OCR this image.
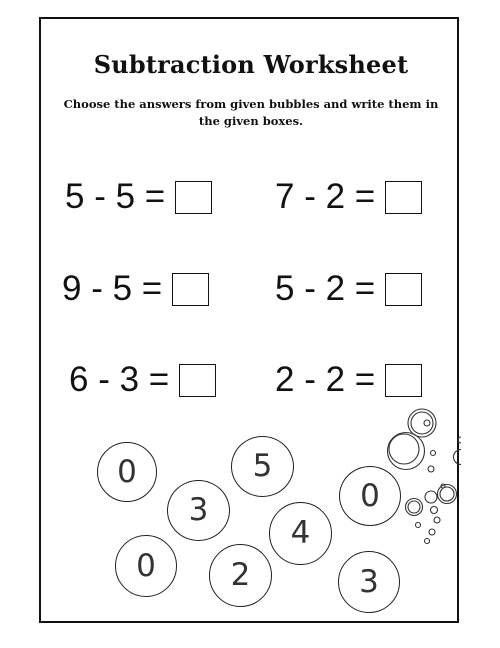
Subtraction Worksheet

Choose the answers from given bubbles and write them in the given boxes.

5 - 5 =	7 - 2 =
9 - 5 =	5 - 2 =
6 - 3 =	2 - 2 =
0	5
3	0
4
0	2	3
